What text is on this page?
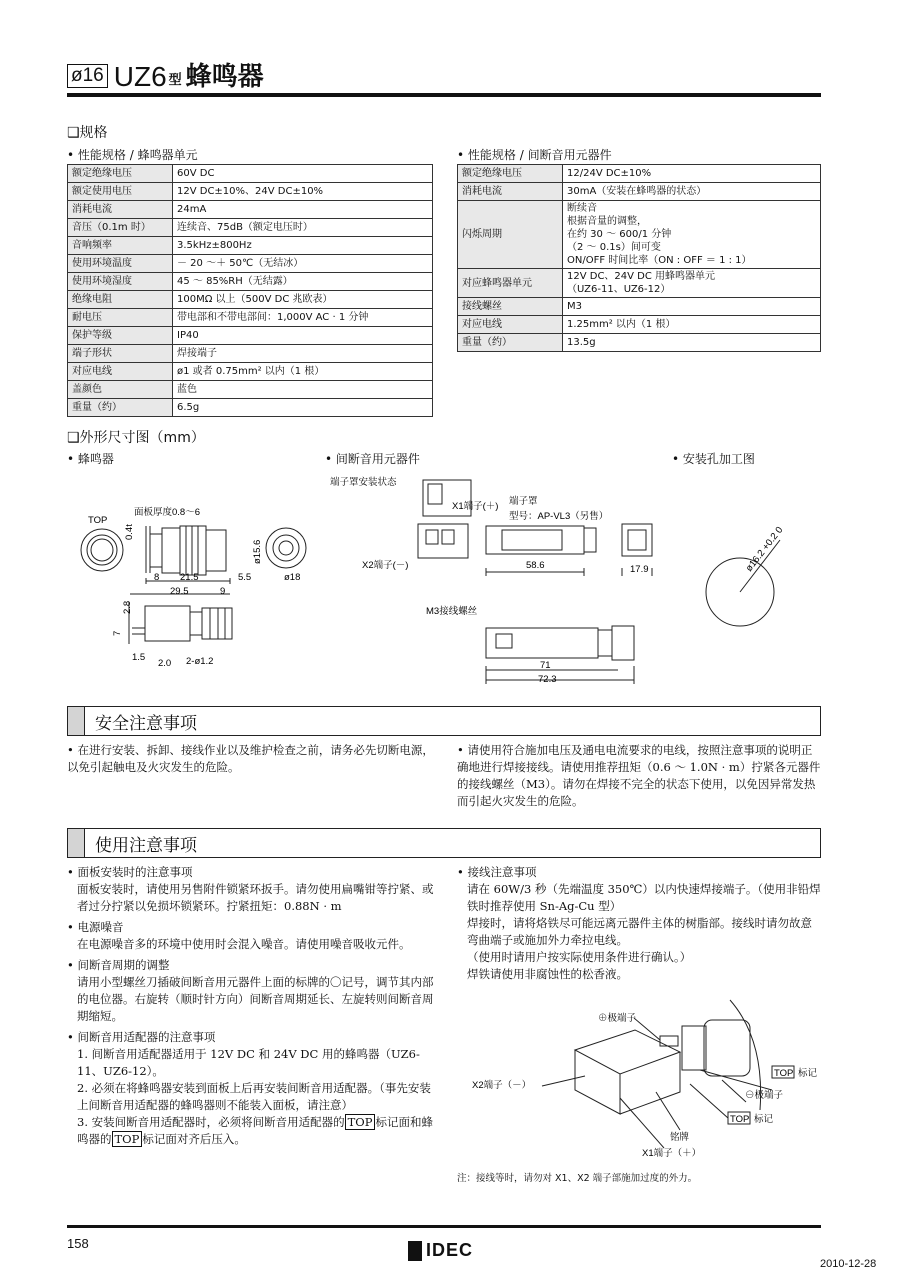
ø16 UZ6 型 蜂鸣器
❑规格
• 性能规格 / 蜂鸣器单元	• 性能规格 / 间断音用元器件
额定绝缘电压	60V DC
额定使用电压	12V DC±10%、24V DC±10%
消耗电流	24mA
音压（0.1m 时）	连续音、75dB（额定电压时）
音响频率	3.5kHz±800Hz
使用环境温度	－ 20 ～＋ 50℃（无结冰）
使用环境湿度	45 ～ 85%RH（无结露）
绝缘电阻	100MΩ 以上（500V DC 兆欧表）
耐电压	带电部和不带电部间：1,000V AC · 1 分钟
保护等级	IP40
端子形状	焊接端子
对应电线	ø1 或者 0.75mm² 以内（1 根）
盖颜色	蓝色
重量（约）	6.5g
额定绝缘电压	12/24V DC±10%
消耗电流	30mA（安装在蜂鸣器的状态）
闪烁周期	断续音
根据音量的调整，
在约 30 ～ 600/1 分钟
（2 ～ 0.1s）间可变
ON/OFF 时间比率（ON : OFF ＝ 1 : 1）
对应蜂鸣器单元	12V DC、24V DC 用蜂鸣器单元
（UZ6-11、UZ6-12）
接线螺丝	M3
对应电线	1.25mm² 以内（1 根）
重量（约）	13.5g
❑外形尺寸图（mm）
• 蜂鸣器	• 间断音用元器件	• 安装孔加工图
TOP
面板厚度0.8～6
0.4t
ø15.6
8 21.5	5.5	ø18
29.5	9
2.8
7
1.5
2.0 2-ø1.2
端子罩安装状态
X1端子(＋) 端子罩
型号：AP-VL3（另售）
X2端子(－)	58.6	17.9
M3接线螺丝
71
72.3
ø16.2 +0.2 0
安全注意事项
• 在进行安装、拆卸、接线作业以及维护检查之前，请务必先切断电源，以免引起触电及火灾发生的危险。
• 请使用符合施加电压及通电电流要求的电线，按照注意事项的说明正确地进行焊接接线。请使用推荐扭矩（0.6 ～ 1.0N · m）拧紧各元器件的接线螺丝（M3）。请勿在焊接不完全的状态下使用，以免因异常发热而引起火灾发生的危险。
使用注意事项
• 面板安装时的注意事项
面板安装时，请使用另售附件锁紧环扳手。请勿使用扁嘴钳等拧紧、或者过分拧紧以免损坏锁紧环。拧紧扭矩：0.88N · m
• 电源噪音
在电源噪音多的环境中使用时会混入噪音。请使用噪音吸收元件。
• 间断音周期的调整
请用小型螺丝刀插破间断音用元器件上面的标牌的〇记号，调节其内部的电位器。右旋转（顺时针方向）间断音周期延长、左旋转则间断音周期缩短。
• 间断音用适配器的注意事项
1. 间断音用适配器适用于 12V DC 和 24V DC 用的蜂鸣器（UZ6-11、UZ6-12）。
2. 必须在将蜂鸣器安装到面板上后再安装间断音用适配器。（事先安装上间断音用适配器的蜂鸣器则不能装入面板，请注意）
3. 安装间断音用适配器时，必须将间断音用适配器的 TOP 标记面和蜂鸣器的 TOP 标记面对齐后压入。
• 接线注意事项
请在 60W/3 秒（先端温度 350℃）以内快速焊接端子。（使用非铅焊铁时推荐使用 Sn-Ag-Cu 型）
焊接时，请将烙铁尽可能远离元器件主体的树脂部。接线时请勿故意弯曲端子或施加外力牵拉电线。
（使用时请用户按实际使用条件进行确认。）
焊铁请使用非腐蚀性的松香液。
⊕极端子
X2端子（－）
TOP 标记
⊖极端子
TOP 标记
铭牌
X1端子（＋）
注：接线等时，请勿对 X1、X2 端子部施加过度的外力。
158	IDEC
2010-12-28
